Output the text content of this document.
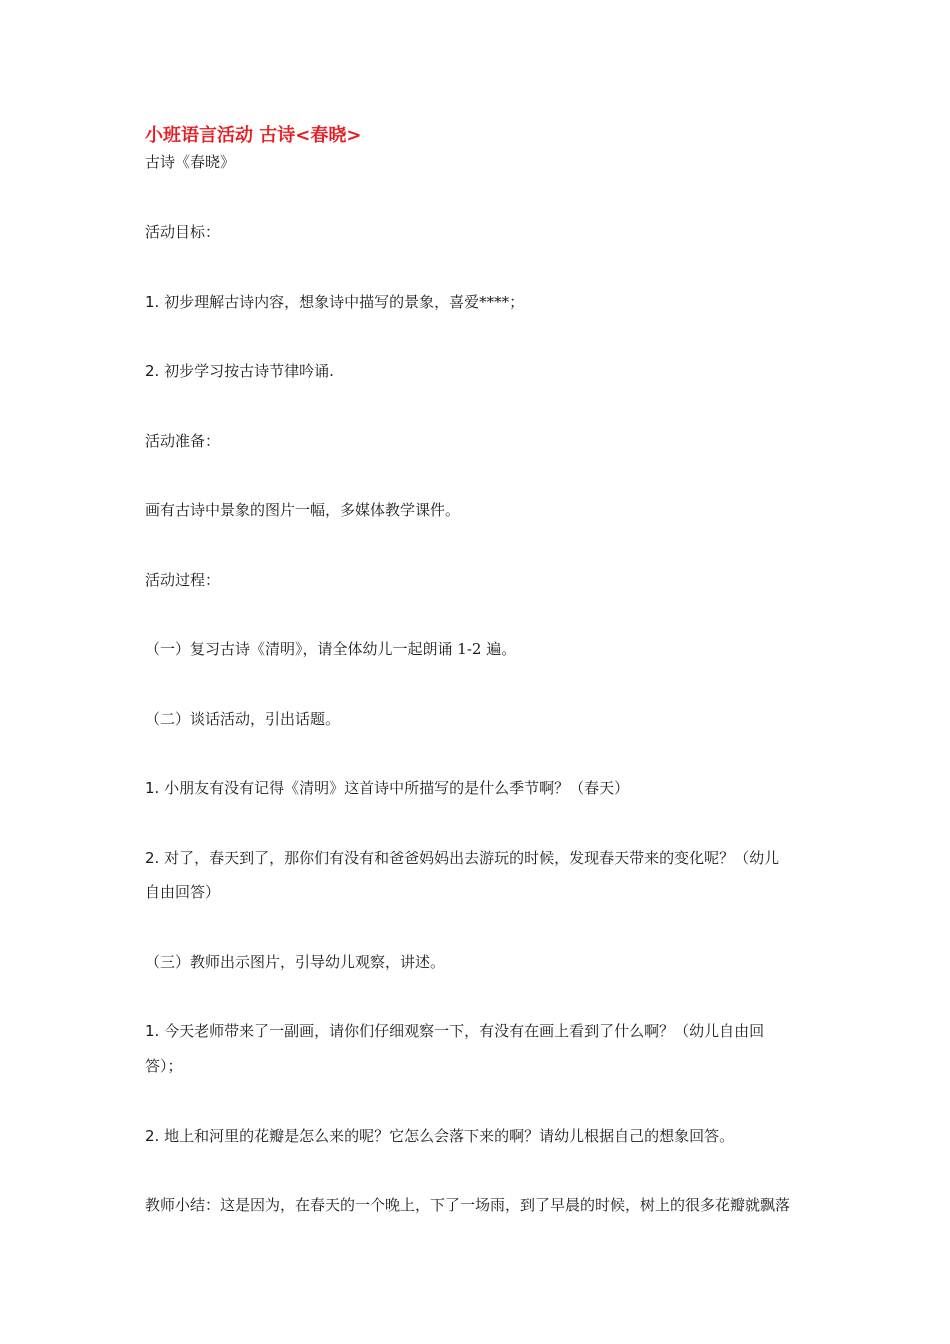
小班语言活动 古诗<春晓>
古诗《春晓》
活动目标：
1. 初步理解古诗内容，想象诗中描写的景象，喜爱****；
2. 初步学习按古诗节律吟诵.
活动准备：
画有古诗中景象的图片一幅，多媒体教学课件。
活动过程：
（一）复习古诗《清明》，请全体幼儿一起朗诵 1-2 遍。
（二）谈话活动，引出话题。
1. 小朋友有没有记得《清明》这首诗中所描写的是什么季节啊？（春天）
2. 对了，春天到了，那你们有没有和爸爸妈妈出去游玩的时候，发现春天带来的变化呢？（幼儿
自由回答）
（三）教师出示图片，引导幼儿观察，讲述。
1. 今天老师带来了一副画，请你们仔细观察一下，有没有在画上看到了什么啊？（幼儿自由回
答）；
2. 地上和河里的花瓣是怎么来的呢？它怎么会落下来的啊？请幼儿根据自己的想象回答。
教师小结：这是因为，在春天的一个晚上，下了一场雨，到了早晨的时候，树上的很多花瓣就飘落
